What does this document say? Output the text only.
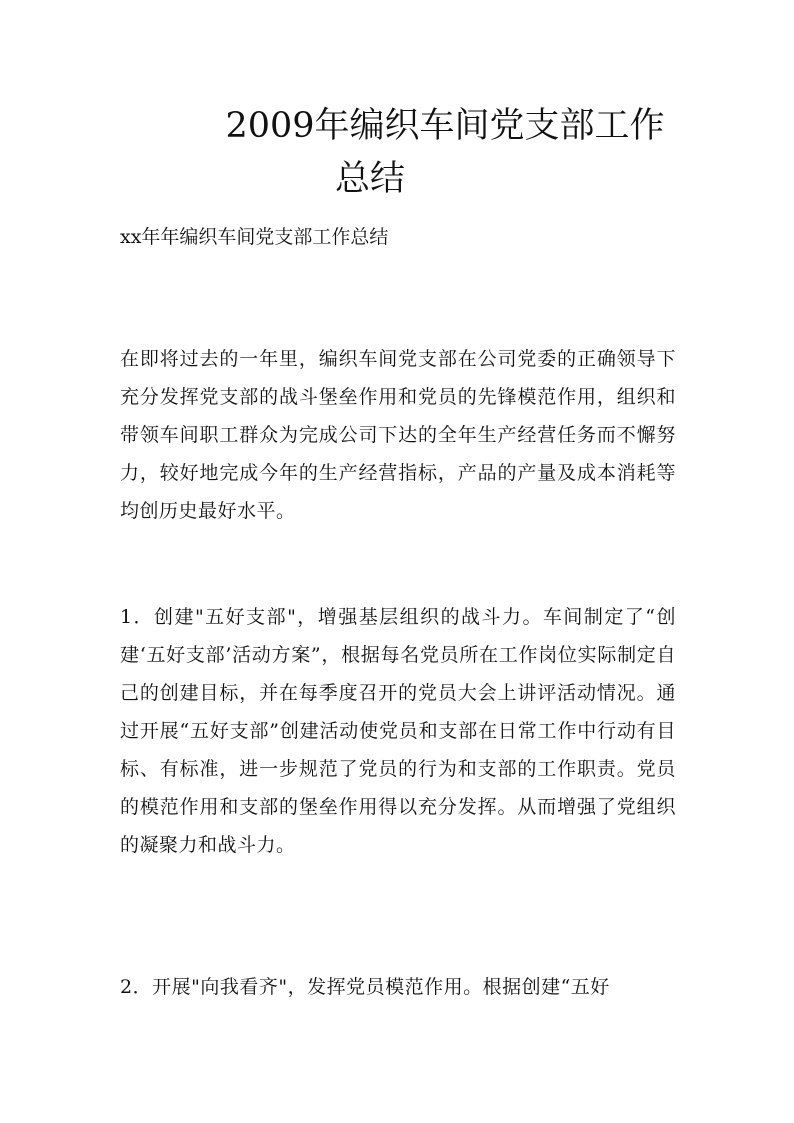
2009年编织车间党支部工作
总结

xx年年编织车间党支部工作总结

在即将过去的一年里，编织车间党支部在公司党委的正确领导下充分发挥党支部的战斗堡垒作用和党员的先锋模范作用，组织和带领车间职工群众为完成公司下达的全年生产经营任务而不懈努力，较好地完成今年的生产经营指标，产品的产量及成本消耗等均创历史最好水平。

1．创建"五好支部"，增强基层组织的战斗力。车间制定了“创建‘五好支部’活动方案”，根据每名党员所在工作岗位实际制定自己的创建目标，并在每季度召开的党员大会上讲评活动情况。通过开展“五好支部”创建活动使党员和支部在日常工作中行动有目标、有标准，进一步规范了党员的行为和支部的工作职责。党员的模范作用和支部的堡垒作用得以充分发挥。从而增强了党组织的凝聚力和战斗力。

2．开展"向我看齐"，发挥党员模范作用。根据创建“五好
